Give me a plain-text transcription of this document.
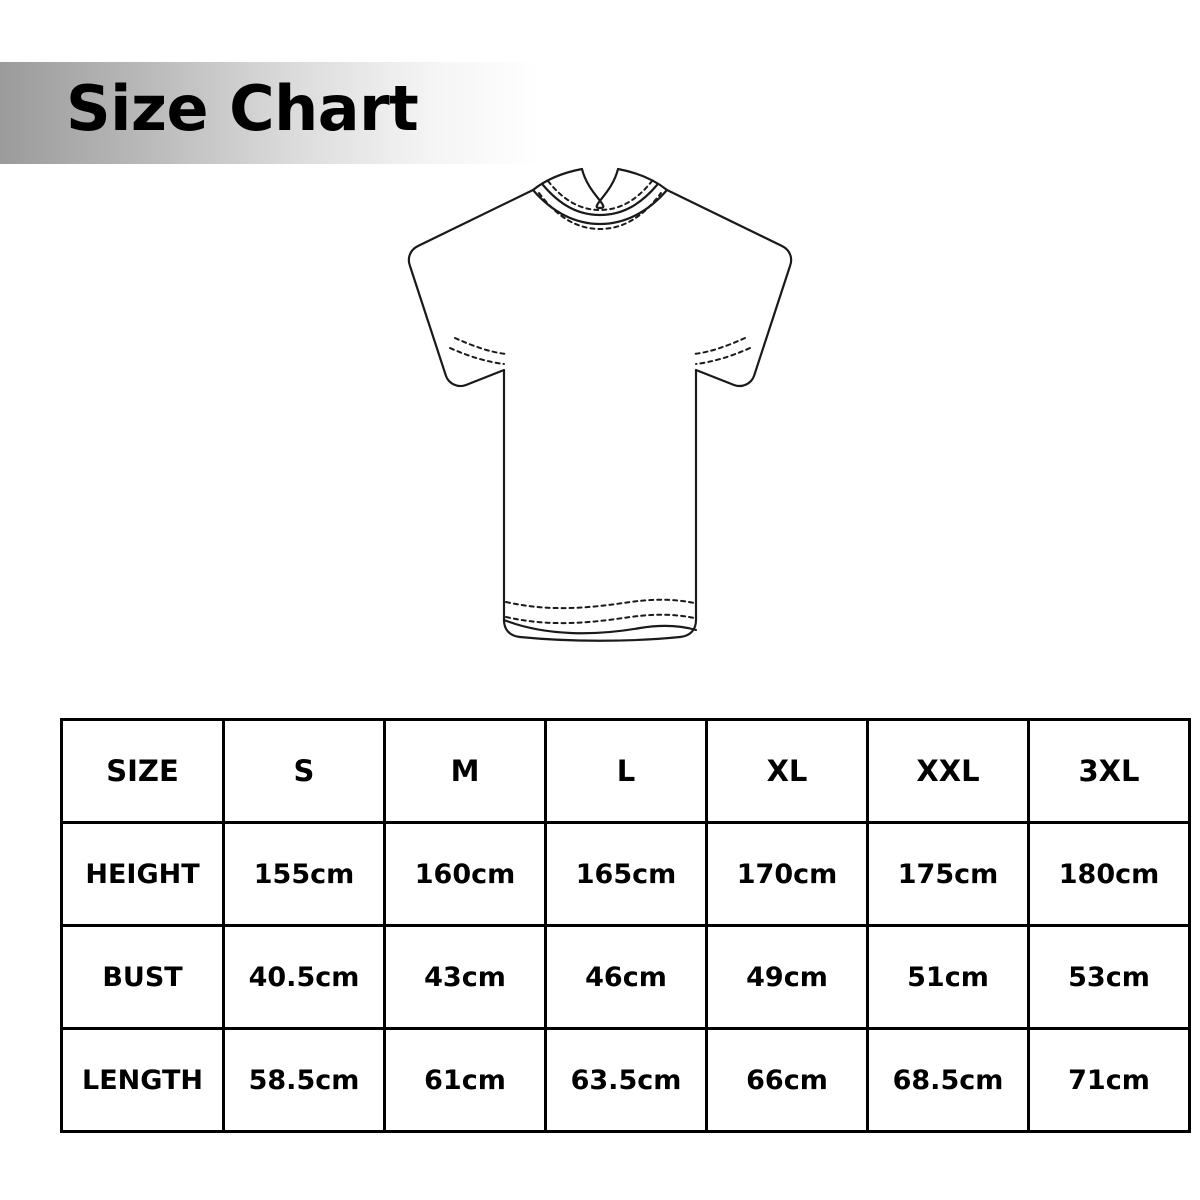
Size Chart
SIZE	S	M	L	XL	XXL	3XL
HEIGHT	155cm	160cm	165cm	170cm	175cm	180cm
BUST	40.5cm	43cm	46cm	49cm	51cm	53cm
LENGTH	58.5cm	61cm	63.5cm	66cm	68.5cm	71cm
